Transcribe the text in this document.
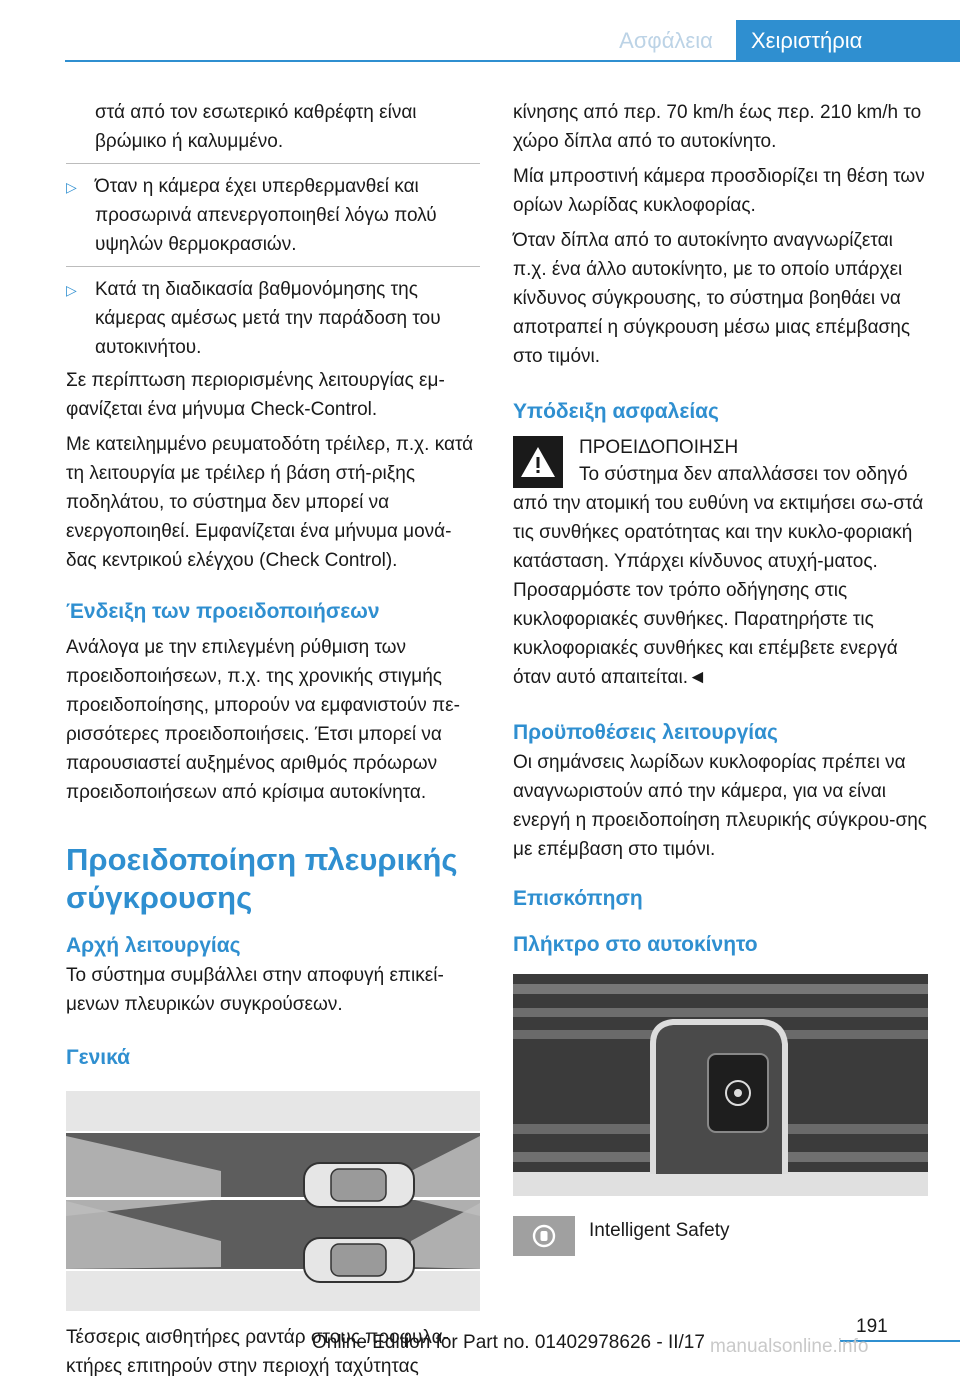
Ασφάλεια	Χειριστήρια

στά από τον εσωτερικό καθρέφτη είναι βρώμικο ή καλυμμένο.

▷ Όταν η κάμερα έχει υπερθερμανθεί και προσωρινά απενεργοποιηθεί λόγω πολύ υψηλών θερμοκρασιών.
▷ Κατά τη διαδικασία βαθμονόμησης της κάμερας αμέσως μετά την παράδοση του αυτοκινήτου.

Σε περίπτωση περιορισμένης λειτουργίας εμ-φανίζεται ένα μήνυμα Check-Control.

Με κατειλημμένο ρευματοδότη τρέιλερ, π.χ. κατά τη λειτουργία με τρέιλερ ή βάση στή-ριξης ποδηλάτου, το σύστημα δεν μπορεί να ενεργοποιηθεί. Εμφανίζεται ένα μήνυμα μονά-δας κεντρικού ελέγχου (Check Control).

Ένδειξη των προειδοποιήσεων

Ανάλογα με την επιλεγμένη ρύθμιση των προειδοποιήσεων, π.χ. της χρονικής στιγμής προειδοποίησης, μπορούν να εμφανιστούν πε-ρισσότερες προειδοποιήσεις. Έτσι μπορεί να παρουσιαστεί αυξημένος αριθμός πρόωρων προειδοποιήσεων από κρίσιμα αυτοκίνητα.

Προειδοποίηση πλευρικής σύγκρουσης
Αρχή λειτουργίας

Το σύστημα συμβάλλει στην αποφυγή επικεί-μενων πλευρικών συγκρούσεων.

Γενικά

Τέσσερις αισθητήρες ραντάρ στους προφυλα-κτήρες επιτηρούν στην περιοχή ταχύτητας

κίνησης από περ. 70 km/h έως περ. 210 km/h το χώρο δίπλα από το αυτοκίνητο.

Μία μπροστινή κάμερα προσδιορίζει τη θέση των ορίων λωρίδας κυκλοφορίας.

Όταν δίπλα από το αυτοκίνητο αναγνωρίζεται π.χ. ένα άλλο αυτοκίνητο, με το οποίο υπάρχει κίνδυνος σύγκρουσης, το σύστημα βοηθάει να αποτραπεί η σύγκρουση μέσω μιας επέμβασης στο τιμόνι.

Υπόδειξη ασφαλείας
ΠΡΟΕΙΔΟΠΟΙΗΣΗ

Το σύστημα δεν απαλλάσσει τον οδηγό από την ατομική του ευθύνη να εκτιμήσει σω-στά τις συνθήκες ορατότητας και την κυκλο-φοριακή κατάσταση. Υπάρχει κίνδυνος ατυχή-ματος. Προσαρμόστε τον τρόπο οδήγησης στις κυκλοφοριακές συνθήκες. Παρατηρήστε τις κυκλοφοριακές συνθήκες και επέμβετε ενεργά όταν αυτό απαιτείται.◄

Προϋποθέσεις λειτουργίας

Οι σημάνσεις λωρίδων κυκλοφορίας πρέπει να αναγνωριστούν από την κάμερα, για να είναι ενεργή η προειδοποίηση πλευρικής σύγκρου-σης με επέμβαση στο τιμόνι.

Επισκόπηση
Πλήκτρο στο αυτοκίνητο
Intelligent Safety
191
Online Edition for Part no. 01402978626 - II/17 manualsonline.info
